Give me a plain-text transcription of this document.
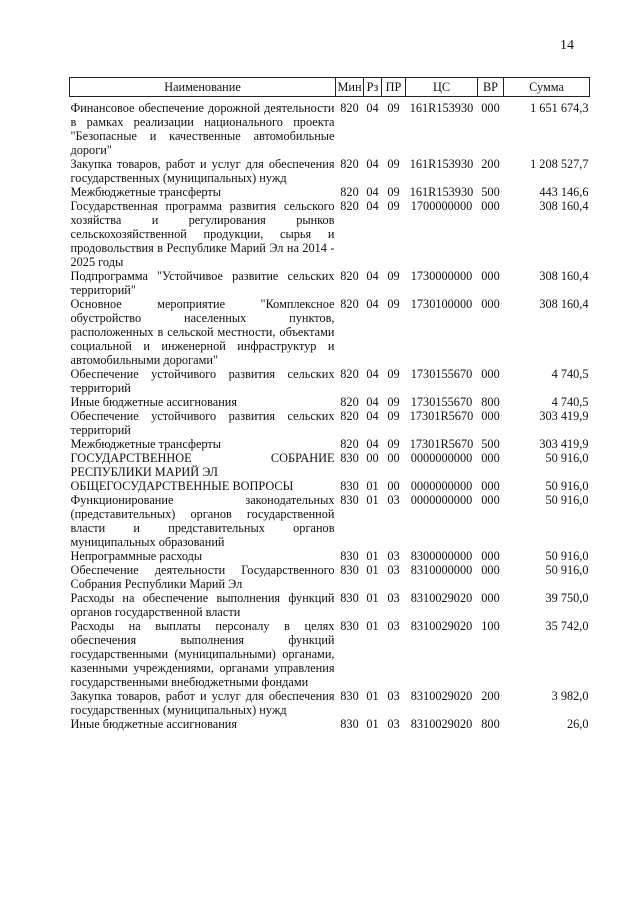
14
Наименование	Мин	Рз	ПР	ЦС	ВР	Сумма
Финансовое обеспечение дорожной деятельности в рамках реализации национального проекта "Безопасные и качественные автомобильные дороги"	820	04	09	161R153930	000	1 651 674,3
Закупка товаров, работ и услуг для обеспечения государственных (муниципальных) нужд	820	04	09	161R153930	200	1 208 527,7
Межбюджетные трансферты	820	04	09	161R153930	500	443 146,6
Государственная программа развития сельского хозяйства и регулирования рынков сельскохозяйственной продукции, сырья и продовольствия в Республике Марий Эл на 2014 - 2025 годы	820	04	09	1700000000	000	308 160,4
Подпрограмма "Устойчивое развитие сельских территорий"	820	04	09	1730000000	000	308 160,4
Основное мероприятие "Комплексное обустройство населенных пунктов, расположенных в сельской местности, объектами социальной и инженерной инфраструктур и автомобильными дорогами"	820	04	09	1730100000	000	308 160,4
Обеспечение устойчивого развития сельских территорий	820	04	09	1730155670	000	4 740,5
Иные бюджетные ассигнования	820	04	09	1730155670	800	4 740,5
Обеспечение устойчивого развития сельских территорий	820	04	09	17301R5670	000	303 419,9
Межбюджетные трансферты	820	04	09	17301R5670	500	303 419,9
ГОСУДАРСТВЕННОЕ СОБРАНИЕ РЕСПУБЛИКИ МАРИЙ ЭЛ	830	00	00	0000000000	000	50 916,0
ОБЩЕГОСУДАРСТВЕННЫЕ ВОПРОСЫ	830	01	00	0000000000	000	50 916,0
Функционирование законодательных (представительных) органов государственной власти и представительных органов муниципальных образований	830	01	03	0000000000	000	50 916,0
Непрограммные расходы	830	01	03	8300000000	000	50 916,0
Обеспечение деятельности Государственного Собрания Республики Марий Эл	830	01	03	8310000000	000	50 916,0
Расходы на обеспечение выполнения функций органов государственной власти	830	01	03	8310029020	000	39 750,0
Расходы на выплаты персоналу в целях обеспечения выполнения функций государственными (муниципальными) органами, казенными учреждениями, органами управления государственными внебюджетными фондами	830	01	03	8310029020	100	35 742,0
Закупка товаров, работ и услуг для обеспечения государственных (муниципальных) нужд	830	01	03	8310029020	200	3 982,0
Иные бюджетные ассигнования	830	01	03	8310029020	800	26,0
